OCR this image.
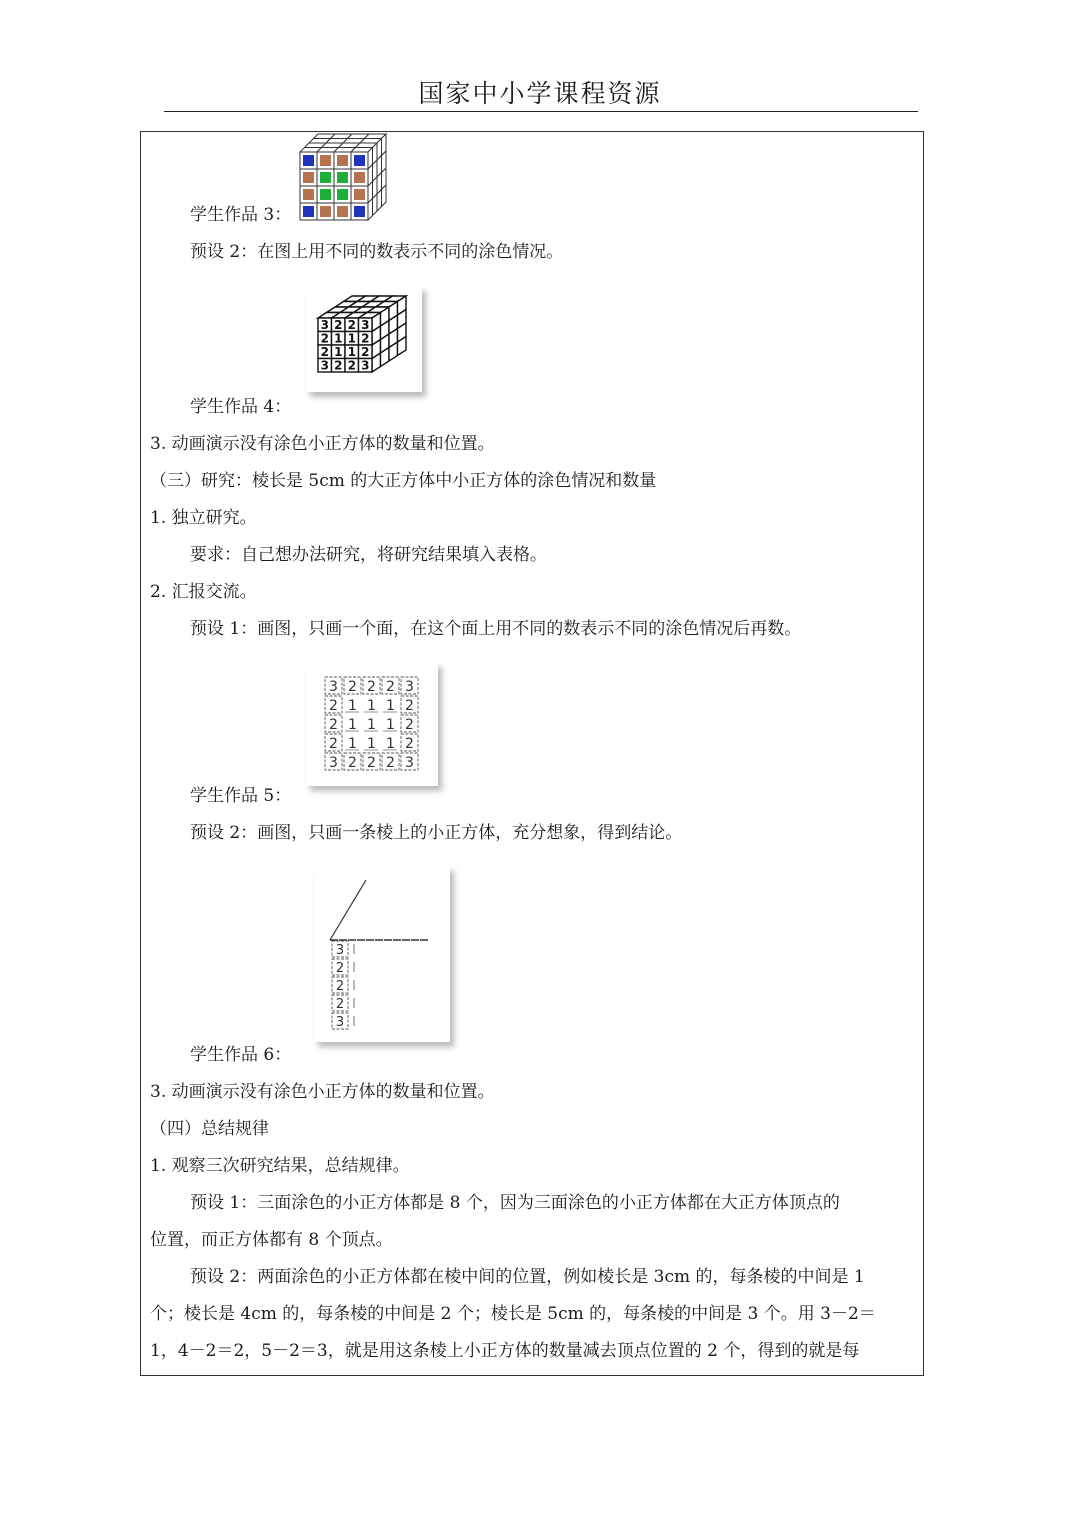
国家中小学课程资源
学生作品 3：
预设 2：在图上用不同的数表示不同的涂色情况。
3 2 2 3
2 1 1 2
2 1 1 2
3 2 2 3
学生作品 4：
3. 动画演示没有涂色小正方体的数量和位置。
（三）研究：棱长是 5cm 的大正方体中小正方体的涂色情况和数量
1. 独立研究。
要求：自己想办法研究，将研究结果填入表格。
2. 汇报交流。
预设 1：画图，只画一个面，在这个面上用不同的数表示不同的涂色情况后再数。
3 2 2 2 3
2 1 1 1 2
2 1 1 1 2
2 1 1 1 2
3 2 2 2 3
学生作品 5：
预设 2：画图，只画一条棱上的小正方体，充分想象，得到结论。
3
2
2
2
3
学生作品 6：
3. 动画演示没有涂色小正方体的数量和位置。
（四）总结规律
1. 观察三次研究结果，总结规律。
预设 1：三面涂色的小正方体都是 8 个，因为三面涂色的小正方体都在大正方体顶点的
位置，而正方体都有 8 个顶点。
预设 2：两面涂色的小正方体都在棱中间的位置，例如棱长是 3cm 的，每条棱的中间是 1
个；棱长是 4cm 的，每条棱的中间是 2 个；棱长是 5cm 的，每条棱的中间是 3 个。用 3－2＝
1，4－2＝2，5－2＝3，就是用这条棱上小正方体的数量减去顶点位置的 2 个，得到的就是每
